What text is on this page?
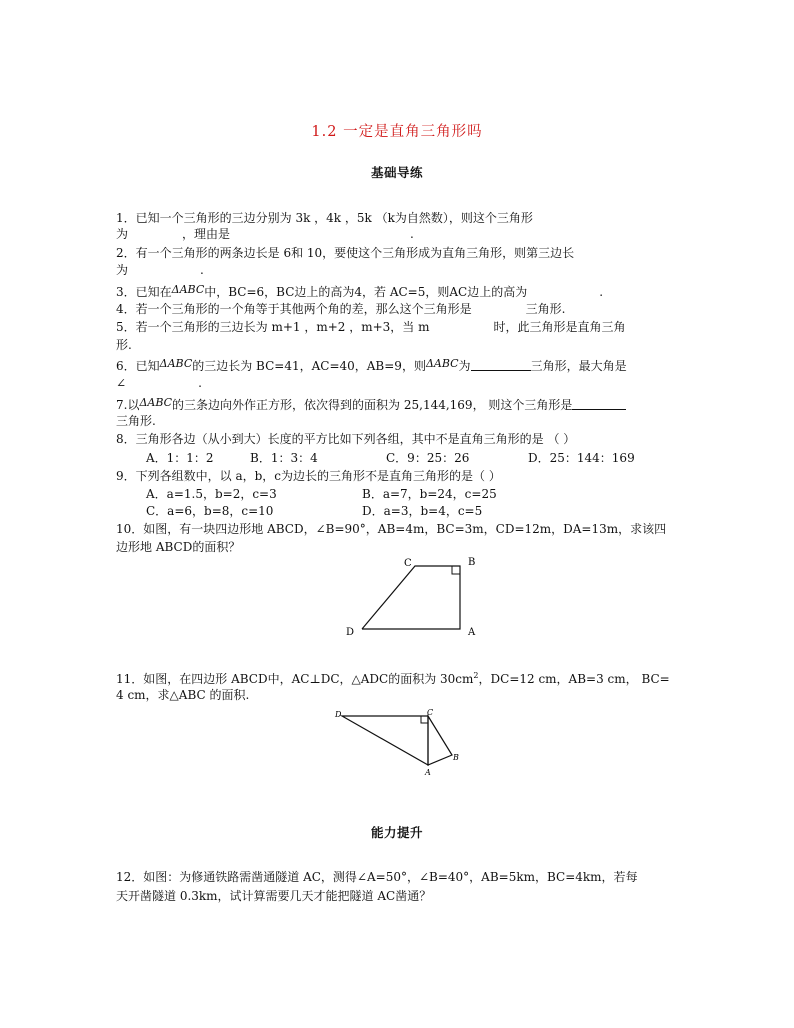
1.2 一定是直角三角形吗
基础导练
1．已知一个三角形的三边分别为 3k ，4k ，5k （k为自然数），则这个三角形
为	，理由是	.
2．有一个三角形的两条边长是 6和 10，要使这个三角形成为直角三角形，则第三边长
为	.
3．已知在ΔABC中，BC=6，BC边上的高为4，若 AC=5，则AC边上的高为	.
4．若一个三角形的一个角等于其他两个角的差，那么这个三角形是	三角形.
5．若一个三角形的三边长为 m+1 ，m+2 ，m+3，当 m	时，此三角形是直角三角
形.
6．已知ΔABC的三边长为 BC=41，AC=40，AB=9，则ΔABC为	三角形，最大角是
∠	.
7.以ΔABC的三条边向外作正方形，依次得到的面积为 25,144,169， 则这个三角形是
三角形.
8．三角形各边（从小到大）长度的平方比如下列各组，其中不是直角三角形的是 （ ）
A．1：1：2	B．1：3：4	C．9：25：26	D．25：144：169
9．下列各组数中，以 a，b，c为边长的三角形不是直角三角形的是（ ）
A．a=1.5，b=2，c=3	B．a=7，b=24，c=25
C．a=6，b=8，c=10	D．a=3，b=4，c=5
10．如图，有一块四边形地 ABCD，∠B=90°，AB=4m，BC=3m，CD=12m，DA=13m，求该四
边形地 ABCD的面积？
C	B
D	A
11．如图，在四边形 ABCD中，AC⊥DC，△ADC的面积为 $30cm^2$，DC=12 cm，AB=3 cm， BC=
4 cm，求△ABC 的面积.
D	C
B
A
能力提升
12．如图：为修通铁路需凿通隧道 AC，测得∠A=50°，∠B=40°，AB=5km，BC=4km，若每
天开凿隧道 0.3km，试计算需要几天才能把隧道 AC凿通？
